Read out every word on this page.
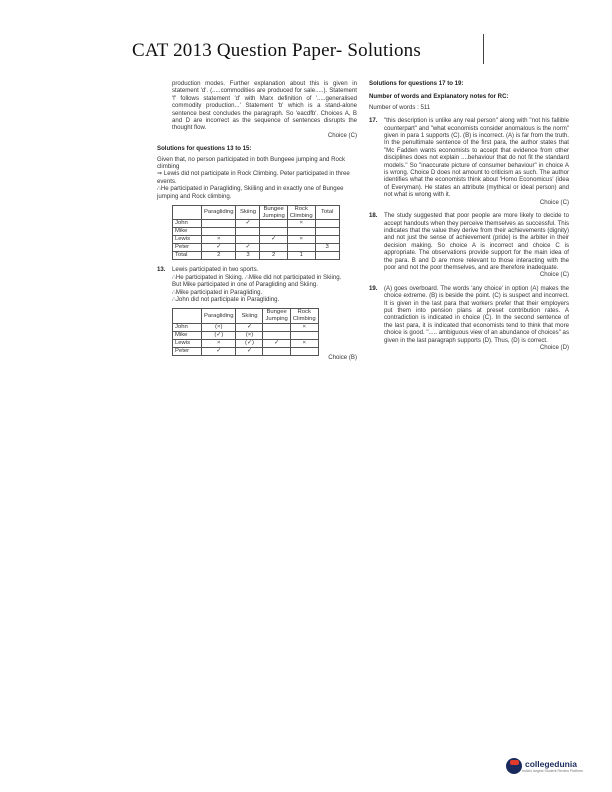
CAT 2013 Question Paper- Solutions

production modes. Further explanation about this is given in statement 'd'. (.....commodities are produced for sale.....). Statement 'f' follows statement 'd' with Marx definition of '.....generalised commodity production...' Statement 'b' which is a stand-alone sentence best concludes the paragraph. So 'eacdfb'. Choices A, B and D are incorrect as the sequence of sentences disrupts the thought flow.

Choice (C)

Solutions for questions 13 to 15:

Given that, no person participated in both Bungeee jumping and Rock climbing

⇒ Lewis did not participate in Rock Climbing. Peter participated in three events.

∴He participated in Paragliding, Skiiling and in exactly one of Bungee jumping and Rock climbing.

	Paragliding	Skiing	Bungee Jumping	Rock Climbing	Total
John		✓		×	
Mike					
Lewis	×		✓	×	
Peter	✓	✓			3
Total	2	3	2	1	
13.	Lewis participated in two sports.

∴He participated in Skiing. ∴Mike did not participated in Skiing.

But Mike participated in one of Paragliding and Skiing.

∴Mike participated in Paragliding.

∴John did not participate in Paragliding.

	Paragliding	Skiing	Bungee Jumping	Rock Climbing
John	(×)	✓		×
Mike	(✓)	(×)		
Lewis	×	(✓)	✓	×
Peter	✓	✓		

Choice (B)

Solutions for questions 17 to 19:

Number of words and Explanatory notes for RC:

Number of words : 511

17.	"this description is unlike any real person" along with "not his fallible counterpart" and "what economists consider anomalous is the norm" given in para 1 supports (C). (B) is incorrect. (A) is far from the truth. In the penultimate sentence of the first para, the author states that "Mc Fadden wants economists to accept that evidence from other disciplines does not explain ....behaviour that do not fit the standard models." So "inaccurate picture of consumer behaviour" in choice A is wrong. Choice D does not amount to criticism as such. The author identifies what the economists think about 'Homo Economicus' (idea of Everyman). He states an attribute (mythical or ideal person) and not what is wrong with it.

Choice (C)

18.	The study suggested that poor people are more likely to decide to accept handouts when they perceive themselves as successful. This indicates that the value they derive from their achievements (dignity) and not just the sense of achievement (pride) is the arbiter in their decision making. So choice A is incorrect and choice C is appropriate. The observations provide support for the main idea of the para. B and D are more relevant to those interacting with the poor and not the poor themselves, and are therefore inadequate.

Choice (C)

19.	(A) goes overboard. The words 'any choice' in option (A) makes the choice extreme. (B) is beside the point. (C) is suspect and incorrect. It is given in the last para that workers prefer that their employers put them into pension plans at preset contribution rates. A contradiction is indicated in choice (C). In the second sentence of the last para, it is indicated that economists tend to think that more choice is good. "..... ambiguous view of an abundance of choices" as given in the last paragraph supports (D). Thus, (D) is correct.

Choice (D)

collegedunia
India's largest Student Review Platform
